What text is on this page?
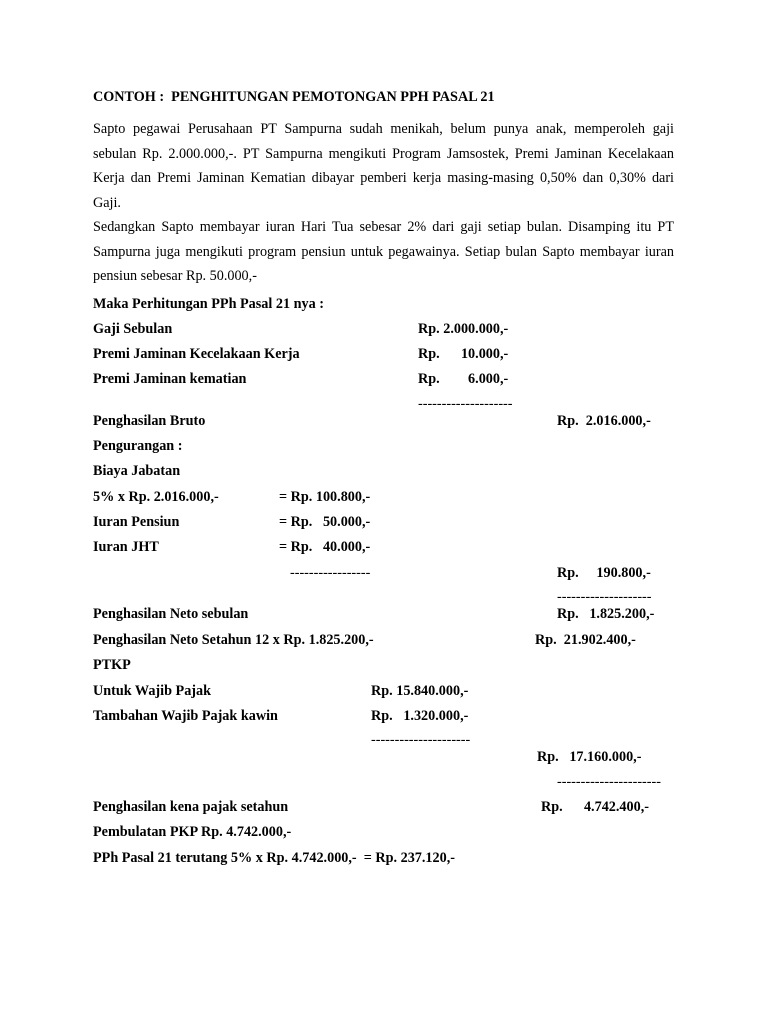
CONTOH :  PENGHITUNGAN PEMOTONGAN PPH PASAL 21

Sapto pegawai Perusahaan PT Sampurna sudah menikah, belum punya anak, memperoleh gaji sebulan Rp. 2.000.000,-. PT Sampurna mengikuti Program Jamsostek, Premi Jaminan Kecelakaan Kerja dan Premi Jaminan Kematian dibayar pemberi kerja masing-masing 0,50% dan 0,30% dari Gaji.

Sedangkan Sapto membayar iuran Hari Tua sebesar 2% dari gaji setiap bulan. Disamping itu PT Sampurna juga mengikuti program pensiun untuk pegawainya. Setiap bulan Sapto membayar iuran pensiun sebesar Rp. 50.000,-

Maka Perhitungan PPh Pasal 21 nya :
Gaji Sebulan	Rp. 2.000.000,-
Premi Jaminan Kecelakaan Kerja	Rp.      10.000,-
Premi Jaminan kematian	Rp.        6.000,-
--------------------
Penghasilan Bruto	Rp.  2.016.000,-
Pengurangan :
Biaya Jabatan
5% x Rp. 2.016.000,-	= Rp. 100.800,-
Iuran Pensiun	= Rp.   50.000,-
Iuran JHT	= Rp.   40.000,-
-----------------	Rp.     190.800,-
--------------------
Penghasilan Neto sebulan	Rp.   1.825.200,-
Penghasilan Neto Setahun 12 x Rp. 1.825.200,-	Rp.  21.902.400,-
PTKP
Untuk Wajib Pajak	Rp. 15.840.000,-
Tambahan Wajib Pajak kawin	Rp.   1.320.000,-
---------------------
Rp.   17.160.000,-
----------------------
Penghasilan kena pajak setahun	Rp.      4.742.400,-
Pembulatan PKP Rp. 4.742.000,-
PPh Pasal 21 terutang 5% x Rp. 4.742.000,-  = Rp. 237.120,-
